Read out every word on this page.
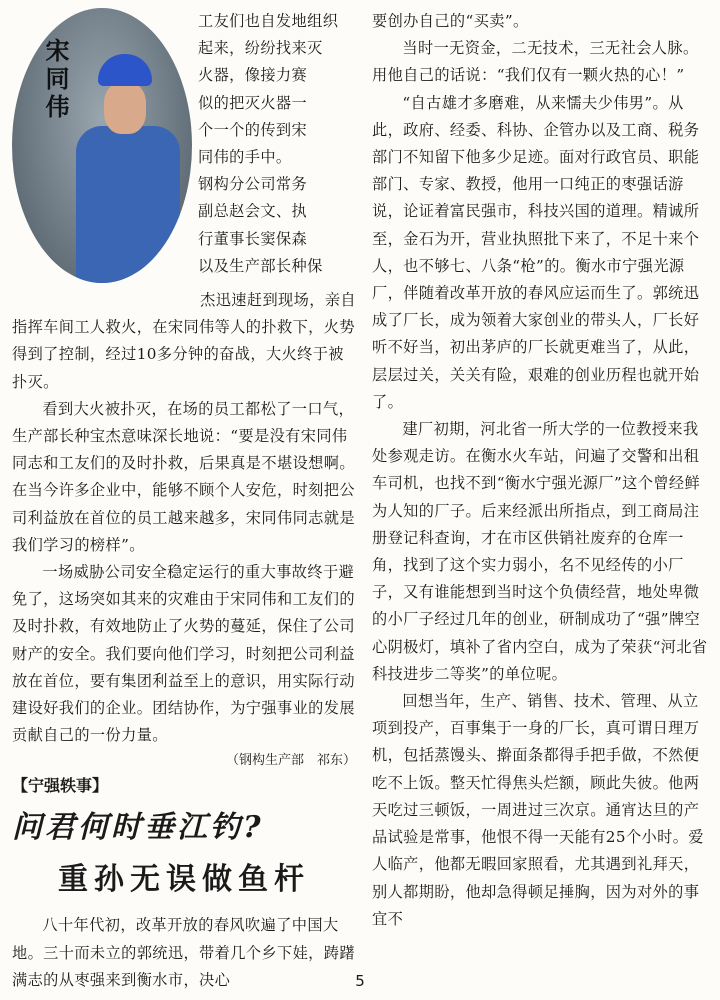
宋同伟
工友们也自发地组织
起来，纷纷找来灭
火器，像接力赛
似的把灭火器一
个一个的传到宋
同伟的手中。
钢构分公司常务
副总赵会文、执
行董事长窦保森
以及生产部长种保
杰迅速赶到现场，亲自

指挥车间工人救火，在宋同伟等人的扑救下，火势得到了控制，经过10多分钟的奋战，大火终于被扑灭。

看到大火被扑灭，在场的员工都松了一口气，生产部长种宝杰意味深长地说：“要是没有宋同伟同志和工友们的及时扑救，后果真是不堪设想啊。在当今许多企业中，能够不顾个人安危，时刻把公司利益放在首位的员工越来越多，宋同伟同志就是我们学习的榜样”。

一场威胁公司安全稳定运行的重大事故终于避免了，这场突如其来的灾难由于宋同伟和工友们的及时扑救，有效地防止了火势的蔓延，保住了公司财产的安全。我们要向他们学习，时刻把公司利益放在首位，要有集团利益至上的意识，用实际行动建设好我们的企业。团结协作，为宁强事业的发展贡献自己的一份力量。

（钢构生产部　祁东）
【宁强轶事】
问君何时垂江钓?
重孙无误做鱼杆

八十年代初，改革开放的春风吹遍了中国大地。三十而未立的郭统迅，带着几个乡下娃，踌躇满志的从枣强来到衡水市，决心

要创办自己的“买卖”。

当时一无资金，二无技术，三无社会人脉。用他自己的话说：“我们仅有一颗火热的心！”

“自古雄才多磨难，从来懦夫少伟男”。从此，政府、经委、科协、企管办以及工商、税务部门不知留下他多少足迹。面对行政官员、职能部门、专家、教授，他用一口纯正的枣强话游说，论证着富民强市，科技兴国的道理。精诚所至，金石为开，营业执照批下来了，不足十来个人，也不够七、八条“枪”的。衡水市宁强光源厂，伴随着改革开放的春风应运而生了。郭统迅成了厂长，成为领着大家创业的带头人，厂长好听不好当，初出茅庐的厂长就更难当了，从此，层层过关，关关有险，艰难的创业历程也就开始了。

建厂初期，河北省一所大学的一位教授来我处参观走访。在衡水火车站，问遍了交警和出租车司机，也找不到“衡水宁强光源厂”这个曾经鲜为人知的厂子。后来经派出所指点，到工商局注册登记科查询，才在市区供销社废弃的仓库一角，找到了这个实力弱小，名不见经传的小厂子，又有谁能想到当时这个负债经营，地处卑微的小厂子经过几年的创业，研制成功了“强”牌空心阴极灯，填补了省内空白，成为了荣获“河北省科技进步二等奖”的单位呢。

回想当年，生产、销售、技术、管理、从立项到投产，百事集于一身的厂长，真可谓日理万机，包括蒸馒头、擀面条都得手把手做，不然便吃不上饭。整天忙得焦头烂额，顾此失彼。他两天吃过三顿饭，一周进过三次京。通宵达旦的产品试验是常事，他恨不得一天能有25个小时。爱人临产，他都无暇回家照看，尤其遇到礼拜天，别人都期盼，他却急得顿足捶胸，因为对外的事宜不

5
